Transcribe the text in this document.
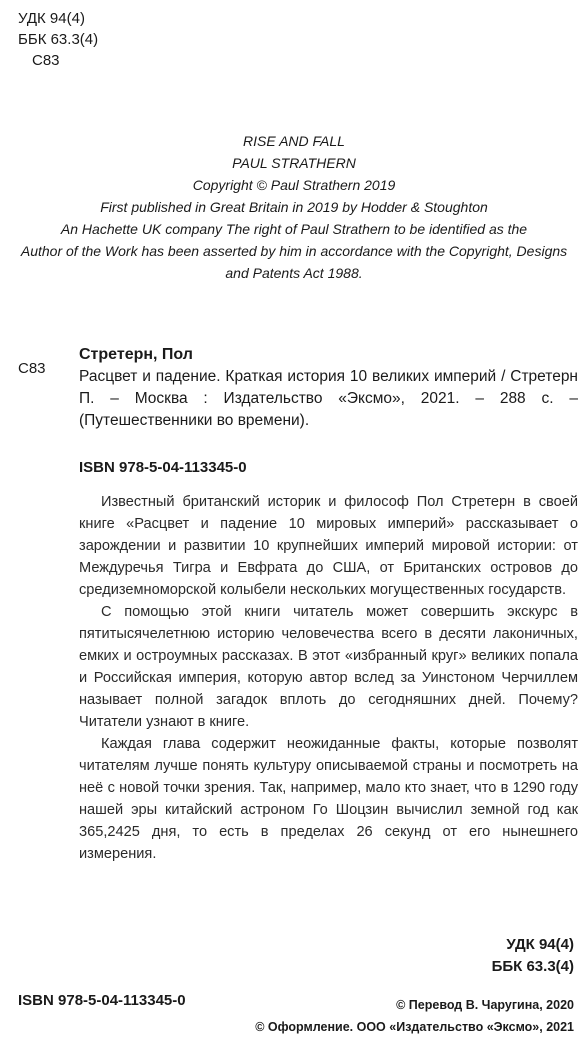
УДК 94(4)
ББК 63.3(4)
С83
RISE AND FALL
PAUL STRATHERN
Copyright © Paul Strathern 2019
First published in Great Britain in 2019 by Hodder & Stoughton
An Hachette UK company The right of Paul Strathern to be identified as the
Author of the Work has been asserted by him in accordance with the Copyright, Designs
and Patents Act 1988.
С83
Стретерн, Пол
Расцвет и падение. Краткая история 10 великих империй / Стретерн П. – Москва : Издательство «Эксмо», 2021. – 288 с. – (Путешественники во времени).
ISBN 978-5-04-113345-0

Известный британский историк и философ Пол Стретерн в своей книге «Расцвет и падение 10 мировых империй» рассказывает о зарождении и развитии 10 крупнейших империй мировой истории: от Междуречья Тигра и Евфрата до США, от Британских островов до средиземноморской колыбели нескольких могущественных государств.

С помощью этой книги читатель может совершить экскурс в пятитысячелетнюю историю человечества всего в десяти лаконичных, емких и остроумных рассказах. В этот «избранный круг» великих попала и Российская империя, которую автор вслед за Уинстоном Черчиллем называет полной загадок вплоть до сегодняшних дней. Почему? Читатели узнают в книге.

Каждая глава содержит неожиданные факты, которые позволят читателям лучше понять культуру описываемой страны и посмотреть на неё с новой точки зрения. Так, например, мало кто знает, что в 1290 году нашей эры китайский астроном Го Шоцзин вычислил земной год как 365,2425 дня, то есть в пределах 26 секунд от его нынешнего измерения.

УДК 94(4)
ББК 63.3(4)
ISBN 978-5-04-113345-0	© Перевод В. Чаругина, 2020
© Оформление. ООО «Издательство «Эксмо», 2021
